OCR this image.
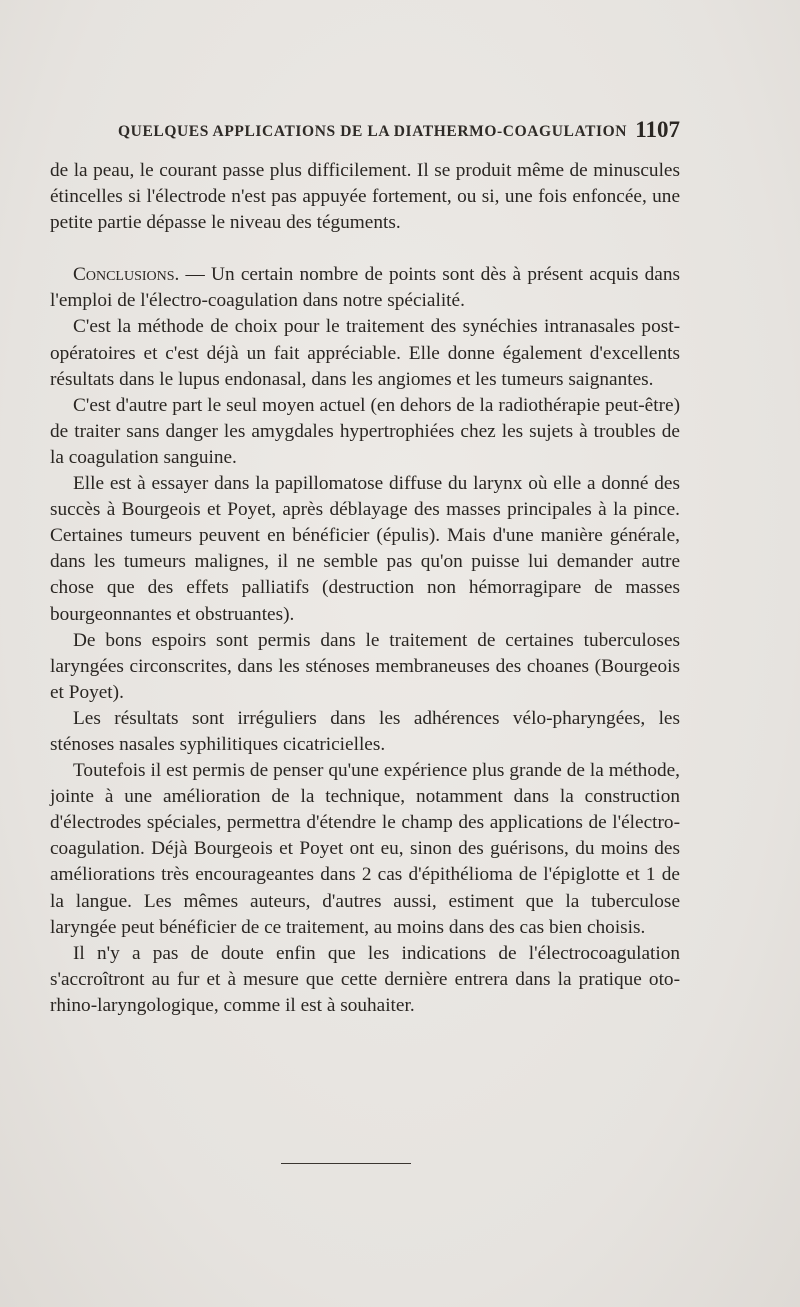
QUELQUES APPLICATIONS DE LA DIATHERMO-COAGULATION 1107

de la peau, le courant passe plus difficilement. Il se produit même de minuscules étincelles si l'électrode n'est pas appuyée fortement, ou si, une fois enfoncée, une petite partie dépasse le niveau des téguments.

Conclusions. — Un certain nombre de points sont dès à présent acquis dans l'emploi de l'électro-coagulation dans notre spécialité.

C'est la méthode de choix pour le traitement des synéchies intranasales post-opératoires et c'est déjà un fait appréciable. Elle donne également d'excellents résultats dans le lupus endonasal, dans les angiomes et les tumeurs saignantes.

C'est d'autre part le seul moyen actuel (en dehors de la radiothérapie peut-être) de traiter sans danger les amygdales hypertrophiées chez les sujets à troubles de la coagulation sanguine.

Elle est à essayer dans la papillomatose diffuse du larynx où elle a donné des succès à Bourgeois et Poyet, après déblayage des masses principales à la pince. Certaines tumeurs peuvent en bénéficier (épulis). Mais d'une manière générale, dans les tumeurs malignes, il ne semble pas qu'on puisse lui demander autre chose que des effets palliatifs (destruction non hémorragipare de masses bourgeonnantes et obstruantes).

De bons espoirs sont permis dans le traitement de certaines tuberculoses laryngées circonscrites, dans les sténoses membraneuses des choanes (Bourgeois et Poyet).

Les résultats sont irréguliers dans les adhérences vélo-pharyngées, les sténoses nasales syphilitiques cicatricielles.

Toutefois il est permis de penser qu'une expérience plus grande de la méthode, jointe à une amélioration de la technique, notamment dans la construction d'électrodes spéciales, permettra d'étendre le champ des applications de l'électro-coagulation. Déjà Bourgeois et Poyet ont eu, sinon des guérisons, du moins des améliorations très encourageantes dans 2 cas d'épithélioma de l'épiglotte et 1 de la langue. Les mêmes auteurs, d'autres aussi, estiment que la tuberculose laryngée peut bénéficier de ce traitement, au moins dans des cas bien choisis.

Il n'y a pas de doute enfin que les indications de l'électrocoagulation s'accroîtront au fur et à mesure que cette dernière entrera dans la pratique oto-rhino-laryngologique, comme il est à souhaiter.
